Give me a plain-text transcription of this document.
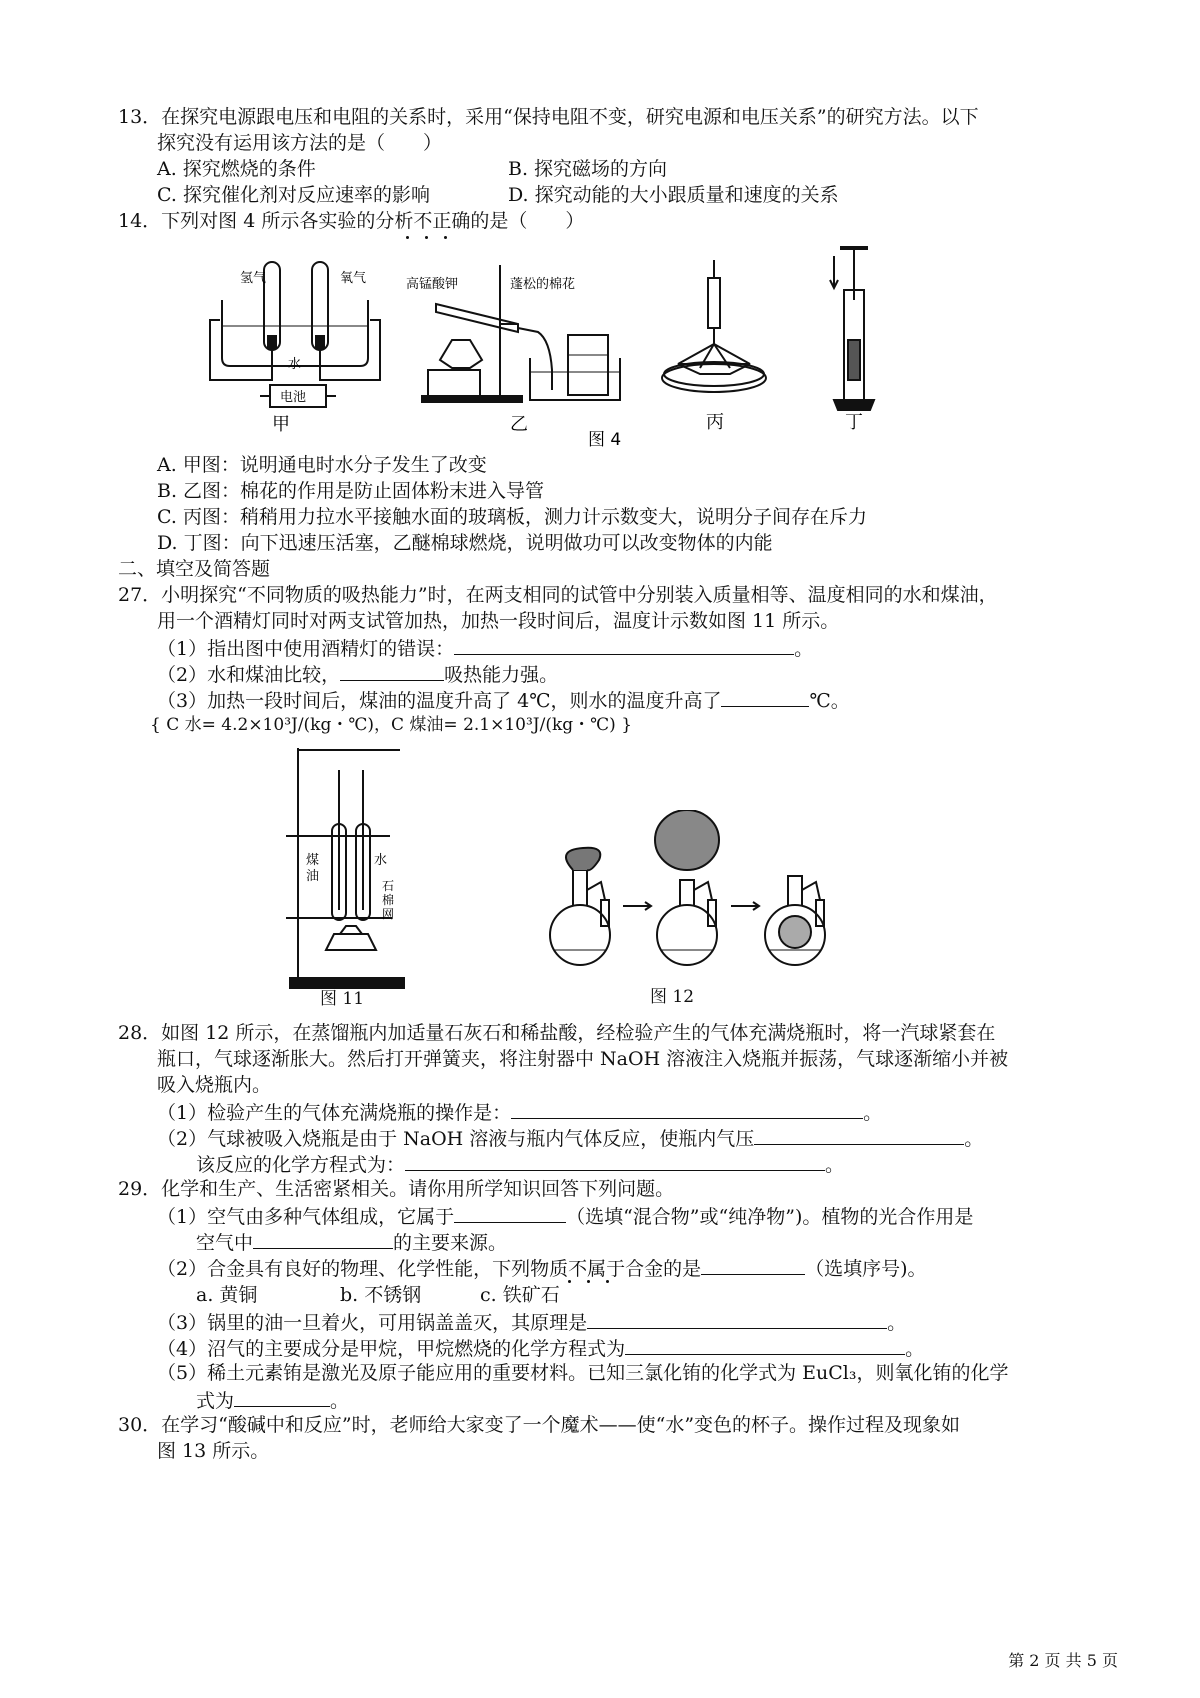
13．在探究电源跟电压和电阻的关系时，采用“保持电阻不变，研究电源和电压关系”的研究方法。以下
探究没有运用该方法的是（　　）
A. 探究燃烧的条件	B. 探究磁场的方向
C. 探究催化剂对反应速率的影响	D. 探究动能的大小跟质量和速度的关系
14．下列对图 4 所示各实验的分析不正确的是（　　）
氢气	氧气
水
电池
甲
高锰酸钾	蓬松的棉花
乙	丙	丁
图 4
A. 甲图：说明通电时水分子发生了改变
B. 乙图：棉花的作用是防止固体粉末进入导管
C. 丙图：稍稍用力拉水平接触水面的玻璃板，测力计示数变大，说明分子间存在斥力
D. 丁图：向下迅速压活塞，乙醚棉球燃烧，说明做功可以改变物体的内能
二、填空及简答题
27．小明探究“不同物质的吸热能力”时，在两支相同的试管中分别装入质量相等、温度相同的水和煤油，
用一个酒精灯同时对两支试管加热，加热一段时间后，温度计示数如图 11 所示。
（1）指出图中使用酒精灯的错误：	。
（2）水和煤油比较，	吸热能力强。
（3）加热一段时间后，煤油的温度升高了 4℃，则水的温度升高了	℃。
{ C 水= 4.2×10³J/(kg・℃)，C 煤油= 2.1×10³J/(kg・℃) }
煤
油
水
石
棉
网
图 11	图 12
28．如图 12 所示，在蒸馏瓶内加适量石灰石和稀盐酸，经检验产生的气体充满烧瓶时，将一汽球紧套在
瓶口，气球逐渐胀大。然后打开弹簧夹，将注射器中 NaOH 溶液注入烧瓶并振荡，气球逐渐缩小并被
吸入烧瓶内。
（1）检验产生的气体充满烧瓶的操作是：	。
（2）气球被吸入烧瓶是由于 NaOH 溶液与瓶内气体反应，使瓶内气压	。
该反应的化学方程式为：	。
29．化学和生产、生活密紧相关。请你用所学知识回答下列问题。
（1）空气由多种气体组成，它属于	（选填“混合物”或“纯净物”)。植物的光合作用是
空气中	的主要来源。
（2）合金具有良好的物理、化学性能，下列物质不属于合金的是	（选填序号)。
a. 黄铜	b. 不锈钢	c. 铁矿石
（3）锅里的油一旦着火，可用锅盖盖灭，其原理是	。
（4）沼气的主要成分是甲烷，甲烷燃烧的化学方程式为	。
（5）稀土元素铕是激光及原子能应用的重要材料。已知三氯化铕的化学式为 EuCl₃，则氧化铕的化学
式为	。
30．在学习“酸碱中和反应”时，老师给大家变了一个魔术——使“水”变色的杯子。操作过程及现象如
图 13 所示。
第 2 页 共 5 页
